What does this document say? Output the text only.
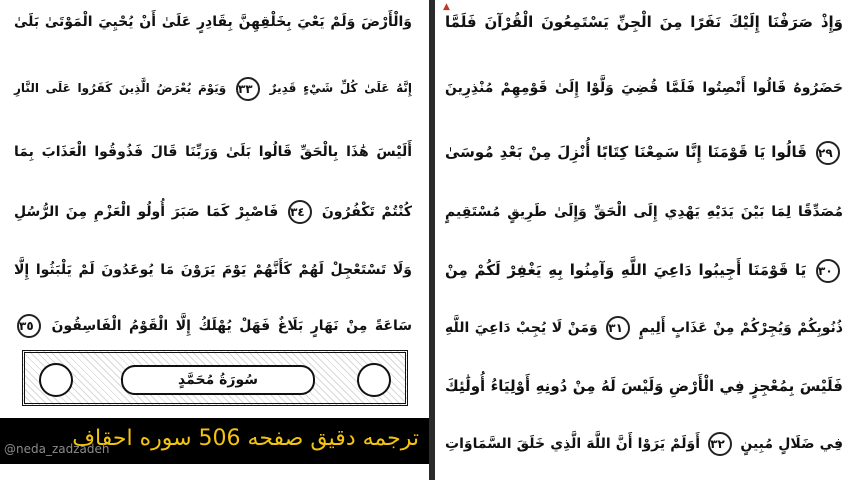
وَالْأَرْضَ وَلَمْ يَعْيَ بِخَلْقِهِنَّ بِقَادِرٍ عَلَىٰ أَنْ يُحْيِيَ الْمَوْتَىٰ بَلَىٰ
إِنَّهُ عَلَىٰ كُلِّ شَيْءٍ قَدِيرٌ ٣٣ وَيَوْمَ يُعْرَضُ الَّذِينَ كَفَرُوا عَلَى النَّارِ
أَلَيْسَ هَٰذَا بِالْحَقِّ قَالُوا بَلَىٰ وَرَبِّنَا قَالَ فَذُوقُوا الْعَذَابَ بِمَا
كُنْتُمْ تَكْفُرُونَ ٣٤ فَاصْبِرْ كَمَا صَبَرَ أُولُو الْعَزْمِ مِنَ الرُّسُلِ
وَلَا تَسْتَعْجِلْ لَهُمْ كَأَنَّهُمْ يَوْمَ يَرَوْنَ مَا يُوعَدُونَ لَمْ يَلْبَثُوا إِلَّا
سَاعَةً مِنْ نَهَارٍ بَلَاغٌ فَهَلْ يُهْلَكُ إِلَّا الْقَوْمُ الْفَاسِقُونَ ٣٥
سُورَةُ مُحَمَّدٍ
ترجمه دقیق صفحه 506 سوره احقاف
@neda_zadzadeh
وَإِذْ صَرَفْنَا إِلَيْكَ نَفَرًا مِنَ الْجِنِّ يَسْتَمِعُونَ الْقُرْآنَ فَلَمَّا
حَضَرُوهُ قَالُوا أَنْصِتُوا فَلَمَّا قُضِيَ وَلَّوْا إِلَىٰ قَوْمِهِمْ مُنْذِرِينَ
٢٩ قَالُوا يَا قَوْمَنَا إِنَّا سَمِعْنَا كِتَابًا أُنْزِلَ مِنْ بَعْدِ مُوسَىٰ
مُصَدِّقًا لِمَا بَيْنَ يَدَيْهِ يَهْدِي إِلَى الْحَقِّ وَإِلَىٰ طَرِيقٍ مُسْتَقِيمٍ
٣٠ يَا قَوْمَنَا أَجِيبُوا دَاعِيَ اللَّهِ وَآمِنُوا بِهِ يَغْفِرْ لَكُمْ مِنْ
ذُنُوبِكُمْ وَيُجِرْكُمْ مِنْ عَذَابٍ أَلِيمٍ ٣١ وَمَنْ لَا يُجِبْ دَاعِيَ اللَّهِ
فَلَيْسَ بِمُعْجِزٍ فِي الْأَرْضِ وَلَيْسَ لَهُ مِنْ دُونِهِ أَوْلِيَاءُ أُولَٰئِكَ
فِي ضَلَالٍ مُبِينٍ ٣٢ أَوَلَمْ يَرَوْا أَنَّ اللَّهَ الَّذِي خَلَقَ السَّمَاوَاتِ
▲
